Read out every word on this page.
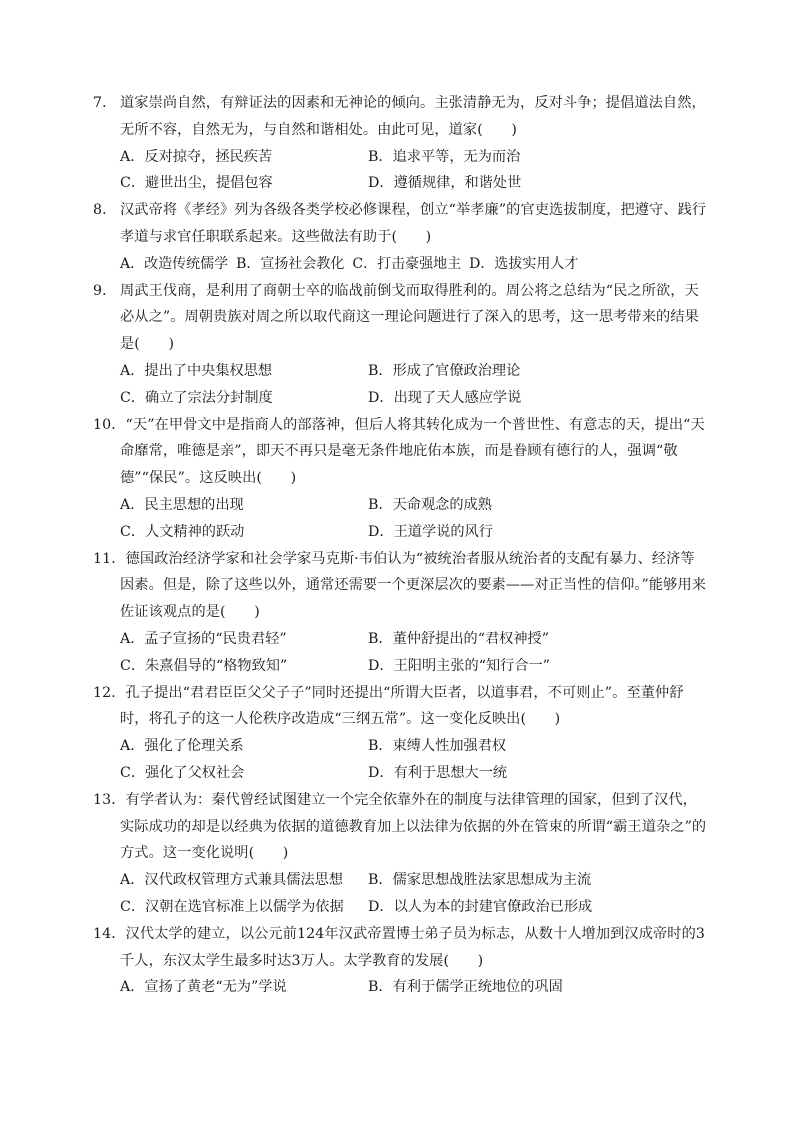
7． 道家崇尚自然，有辩证法的因素和无神论的倾向。主张清静无为，反对斗争；提倡道法自然，无所不容，自然无为，与自然和谐相处。由此可见，道家(　　)
A．反对掠夺，拯民疾苦	B．追求平等，无为而治
C．避世出尘，提倡包容	D．遵循规律，和谐处世
8． 汉武帝将《孝经》列为各级各类学校必修课程，创立“举孝廉”的官吏选拔制度，把遵守、践行孝道与求官任职联系起来。这些做法有助于(　　)
A．改造传统儒学 B．宣扬社会教化 C．打击豪强地主 D．选拔实用人才
9． 周武王伐商，是利用了商朝士卒的临战前倒戈而取得胜利的。周公将之总结为“民之所欲，天必从之”。周朝贵族对周之所以取代商这一理论问题进行了深入的思考，这一思考带来的结果是(　　)
A．提出了中央集权思想	B．形成了官僚政治理论
C．确立了宗法分封制度	D．出现了天人感应学说
10．“天”在甲骨文中是指商人的部落神，但后人将其转化成为一个普世性、有意志的天，提出“天命靡常，唯德是亲”，即天不再只是毫无条件地庇佑本族，而是眷顾有德行的人，强调“敬德”“保民”。这反映出(　　)
A．民主思想的出现	B．天命观念的成熟
C．人文精神的跃动	D．王道学说的风行
11．德国政治经济学家和社会学家马克斯·韦伯认为“被统治者服从统治者的支配有暴力、经济等因素。但是，除了这些以外，通常还需要一个更深层次的要素——对正当性的信仰。”能够用来佐证该观点的是(　　)
A．孟子宣扬的“民贵君轻”	B．董仲舒提出的“君权神授”
C．朱熹倡导的“格物致知”	D．王阳明主张的“知行合一”
12．孔子提出“君君臣臣父父子子”同时还提出“所谓大臣者，以道事君，不可则止”。至董仲舒时，将孔子的这一人伦秩序改造成“三纲五常”。这一变化反映出(　　)
A．强化了伦理关系	B．束缚人性加强君权
C．强化了父权社会	D．有利于思想大一统
13．有学者认为：秦代曾经试图建立一个完全依靠外在的制度与法律管理的国家，但到了汉代，实际成功的却是以经典为依据的道德教育加上以法律为依据的外在管束的所谓“霸王道杂之”的方式。这一变化说明(　　)
A．汉代政权管理方式兼具儒法思想	B．儒家思想战胜法家思想成为主流
C．汉朝在选官标准上以儒学为依据	D．以人为本的封建官僚政治已形成
14．汉代太学的建立，以公元前124年汉武帝置博士弟子员为标志，从数十人增加到汉成帝时的3千人，东汉太学生最多时达3万人。太学教育的发展(　　)
A．宣扬了黄老“无为”学说	B．有利于儒学正统地位的巩固
